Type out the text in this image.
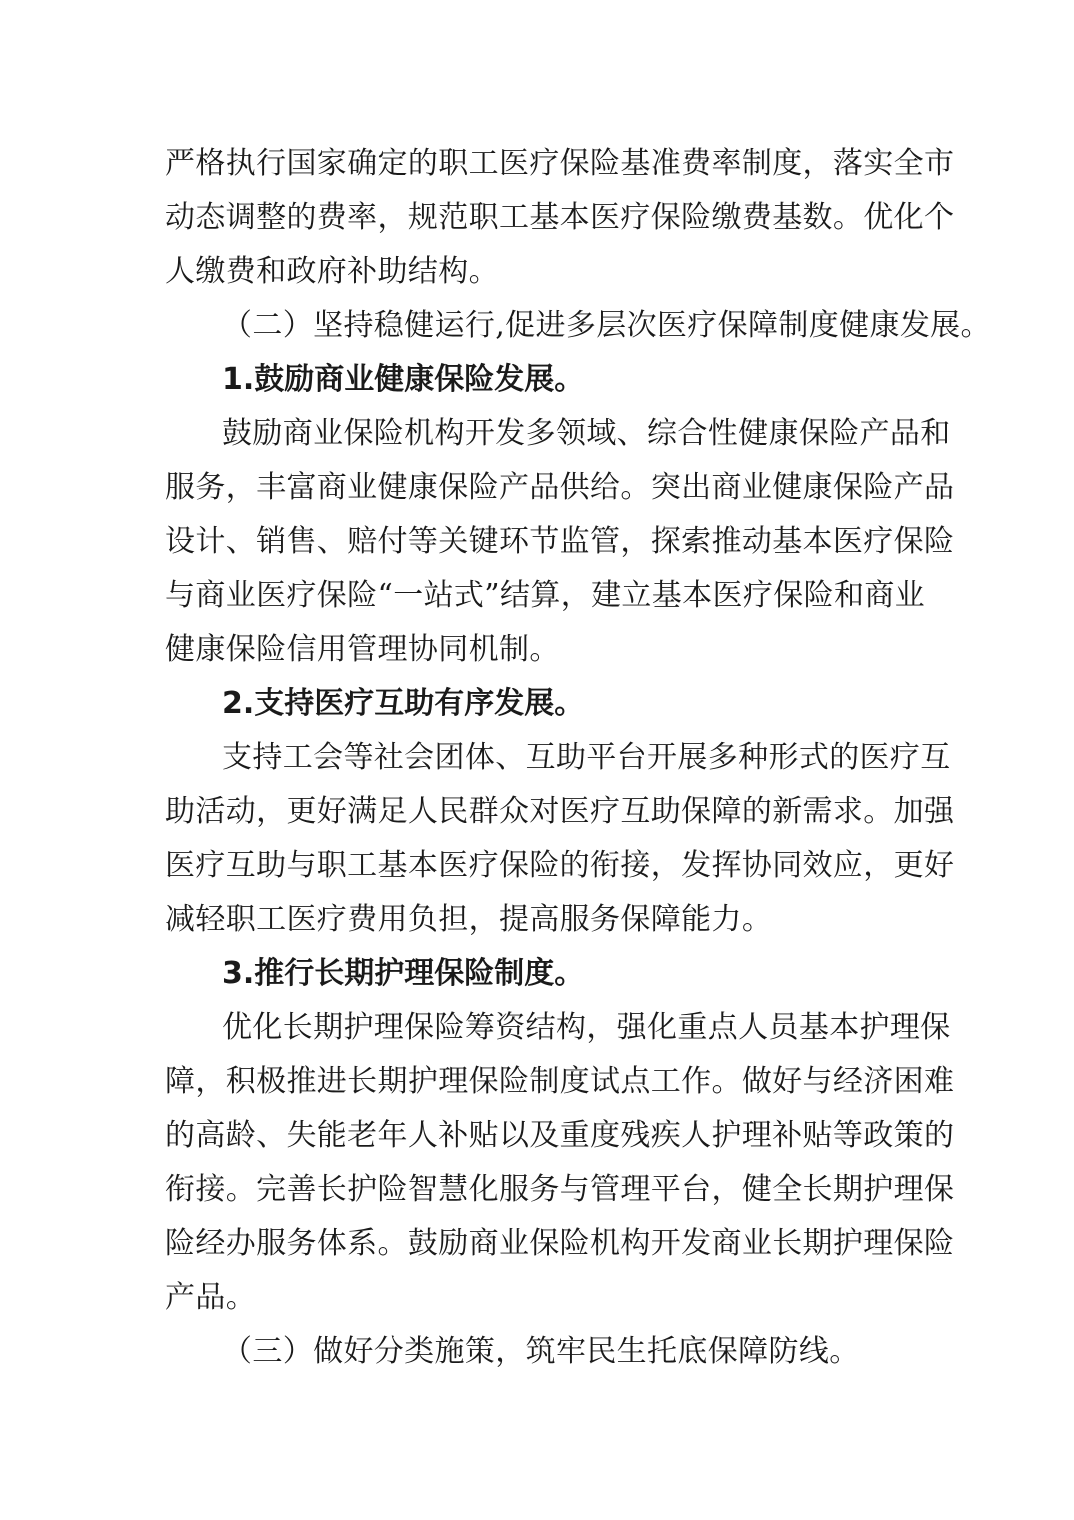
严格执行国家确定的职工医疗保险基准费率制度，落实全市
动态调整的费率，规范职工基本医疗保险缴费基数。优化个
人缴费和政府补助结构。
（二）坚持稳健运行,促进多层次医疗保障制度健康发展。
1.鼓励商业健康保险发展。
鼓励商业保险机构开发多领域、综合性健康保险产品和
服务，丰富商业健康保险产品供给。突出商业健康保险产品
设计、销售、赔付等关键环节监管，探索推动基本医疗保险
与商业医疗保险“一站式”结算，建立基本医疗保险和商业
健康保险信用管理协同机制。
2.支持医疗互助有序发展。
支持工会等社会团体、互助平台开展多种形式的医疗互
助活动，更好满足人民群众对医疗互助保障的新需求。加强
医疗互助与职工基本医疗保险的衔接，发挥协同效应，更好
减轻职工医疗费用负担，提高服务保障能力。
3.推行长期护理保险制度。
优化长期护理保险筹资结构，强化重点人员基本护理保
障，积极推进长期护理保险制度试点工作。做好与经济困难
的高龄、失能老年人补贴以及重度残疾人护理补贴等政策的
衔接。完善长护险智慧化服务与管理平台，健全长期护理保
险经办服务体系。鼓励商业保险机构开发商业长期护理保险
产品。
（三）做好分类施策，筑牢民生托底保障防线。
